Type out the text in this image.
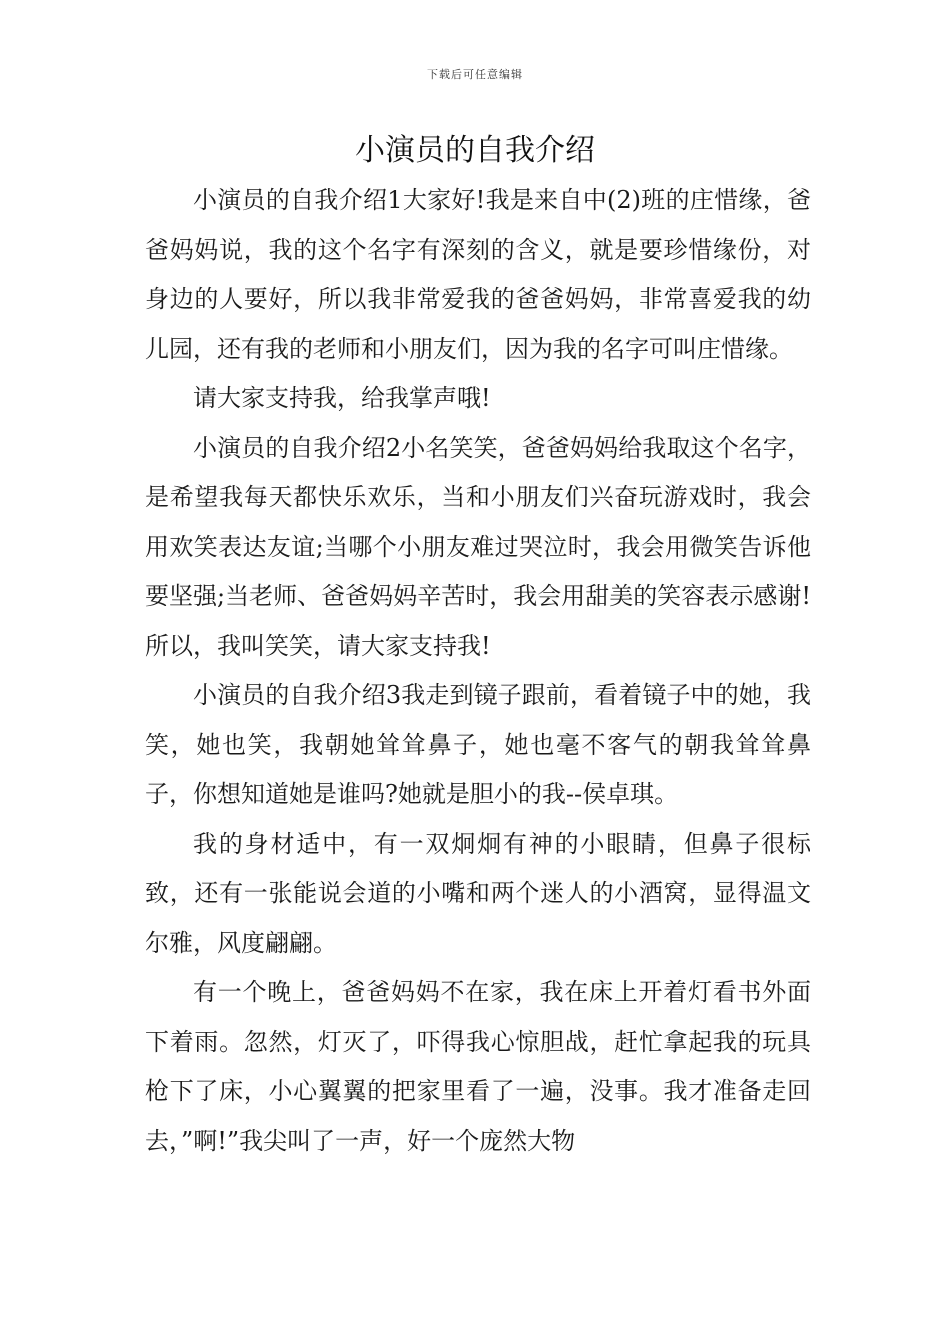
下载后可任意编辑
小演员的自我介绍

小演员的自我介绍1大家好!我是来自中(2)班的庄惜缘，爸爸妈妈说，我的这个名字有深刻的含义，就是要珍惜缘份，对身边的人要好，所以我非常爱我的爸爸妈妈，非常喜爱我的幼儿园，还有我的老师和小朋友们，因为我的名字可叫庄惜缘。

请大家支持我，给我掌声哦!

小演员的自我介绍2小名笑笑，爸爸妈妈给我取这个名字，是希望我每天都快乐欢乐，当和小朋友们兴奋玩游戏时，我会用欢笑表达友谊;当哪个小朋友难过哭泣时，我会用微笑告诉他要坚强;当老师、爸爸妈妈辛苦时，我会用甜美的笑容表示感谢!所以，我叫笑笑，请大家支持我!

小演员的自我介绍3我走到镜子跟前，看着镜子中的她，我笑，她也笑，我朝她耸耸鼻子，她也毫不客气的朝我耸耸鼻子，你想知道她是谁吗?她就是胆小的我--侯卓琪。

我的身材适中，有一双炯炯有神的小眼睛，但鼻子很标致，还有一张能说会道的小嘴和两个迷人的小酒窝，显得温文尔雅，风度翩翩。

有一个晚上，爸爸妈妈不在家，我在床上开着灯看书外面下着雨。忽然，灯灭了，吓得我心惊胆战，赶忙拿起我的玩具枪下了床，小心翼翼的把家里看了一遍，没事。我才准备走回去，”啊!”我尖叫了一声，好一个庞然大物
